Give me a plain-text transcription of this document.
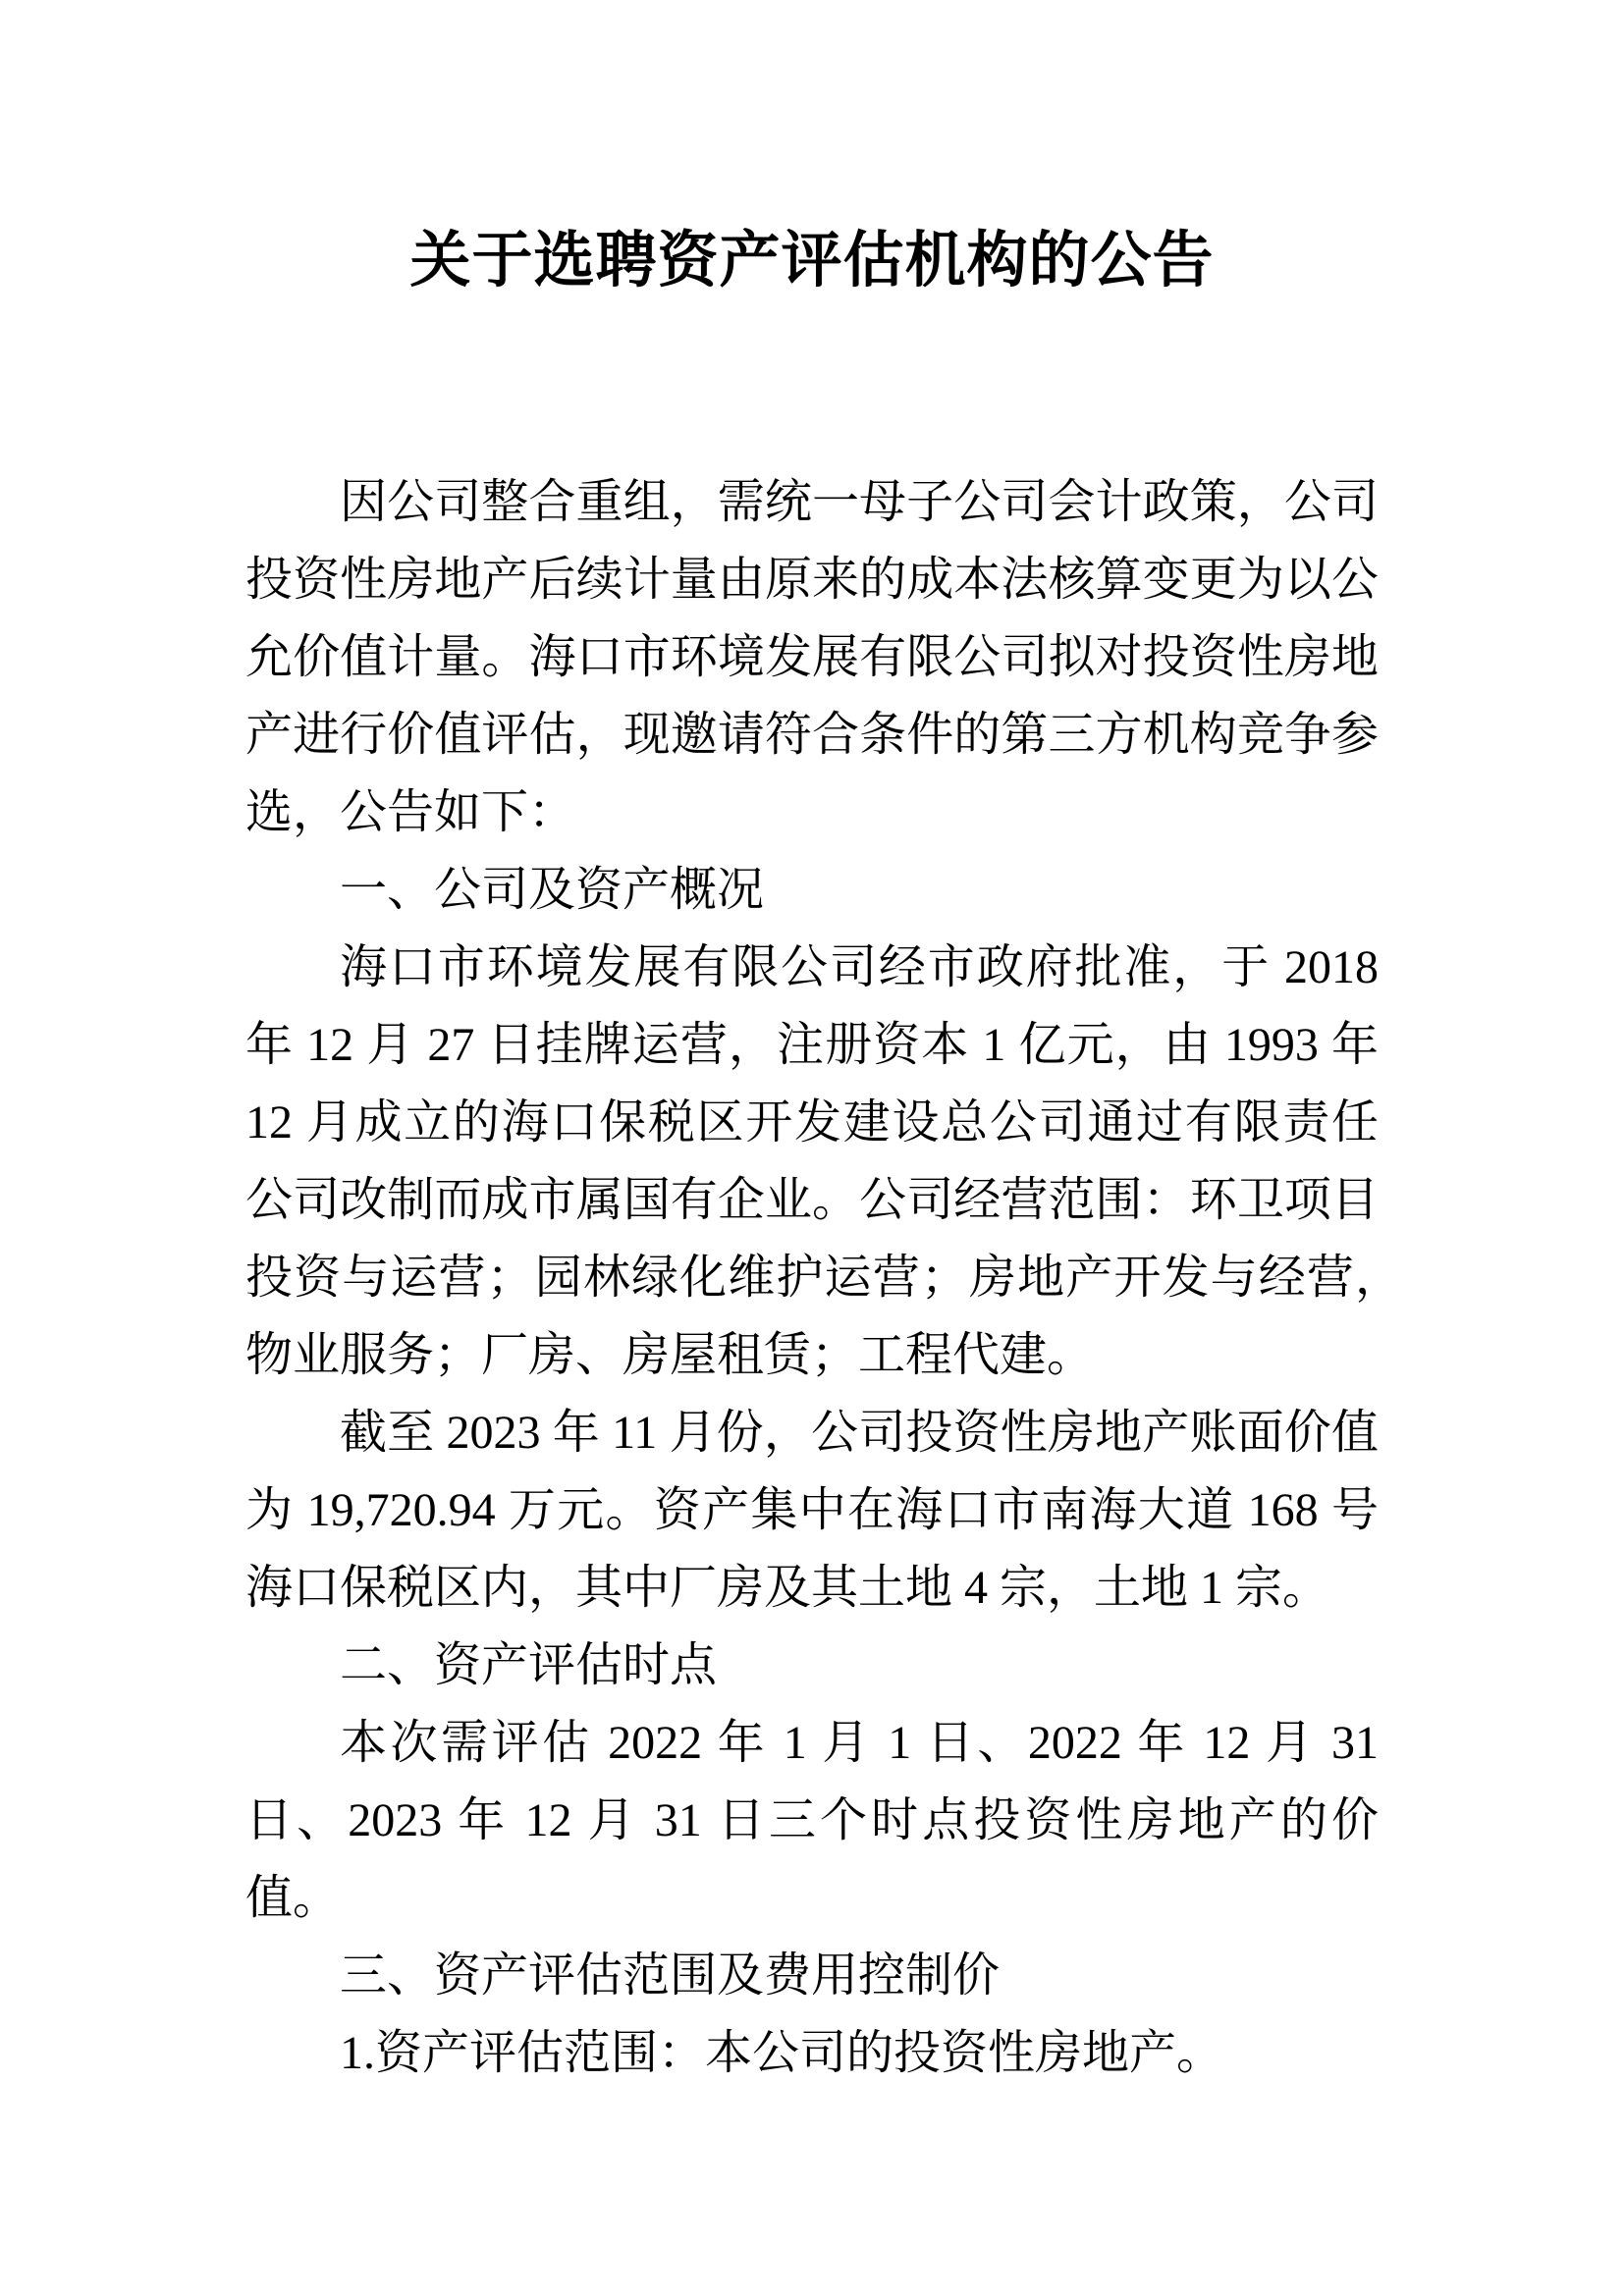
关于选聘资产评估机构的公告

因公司整合重组，需统一母子公司会计政策，公司投资性房地产后续计量由原来的成本法核算变更为以公允价值计量。海口市环境发展有限公司拟对投资性房地产进行价值评估，现邀请符合条件的第三方机构竞争参选，公告如下：

一、公司及资产概况

海口市环境发展有限公司经市政府批准，于 2018 年 12 月 27 日挂牌运营，注册资本 1 亿元，由 1993 年 12 月成立的海口保税区开发建设总公司通过有限责任公司改制而成市属国有企业。公司经营范围：环卫项目投资与运营；园林绿化维护运营；房地产开发与经营，　物业服务；厂房、房屋租赁；工程代建。

截至 2023 年 11 月份，公司投资性房地产账面价值为 19,720.94 万元。资产集中在海口市南海大道 168 号海口保税区内，其中厂房及其土地 4 宗，土地 1 宗。

二、资产评估时点

本次需评估 2022 年 1 月 1 日、2022 年 12 月 31 日、2023 年 12 月 31 日三个时点投资性房地产的价值。

三、资产评估范围及费用控制价

1.资产评估范围：本公司的投资性房地产。
